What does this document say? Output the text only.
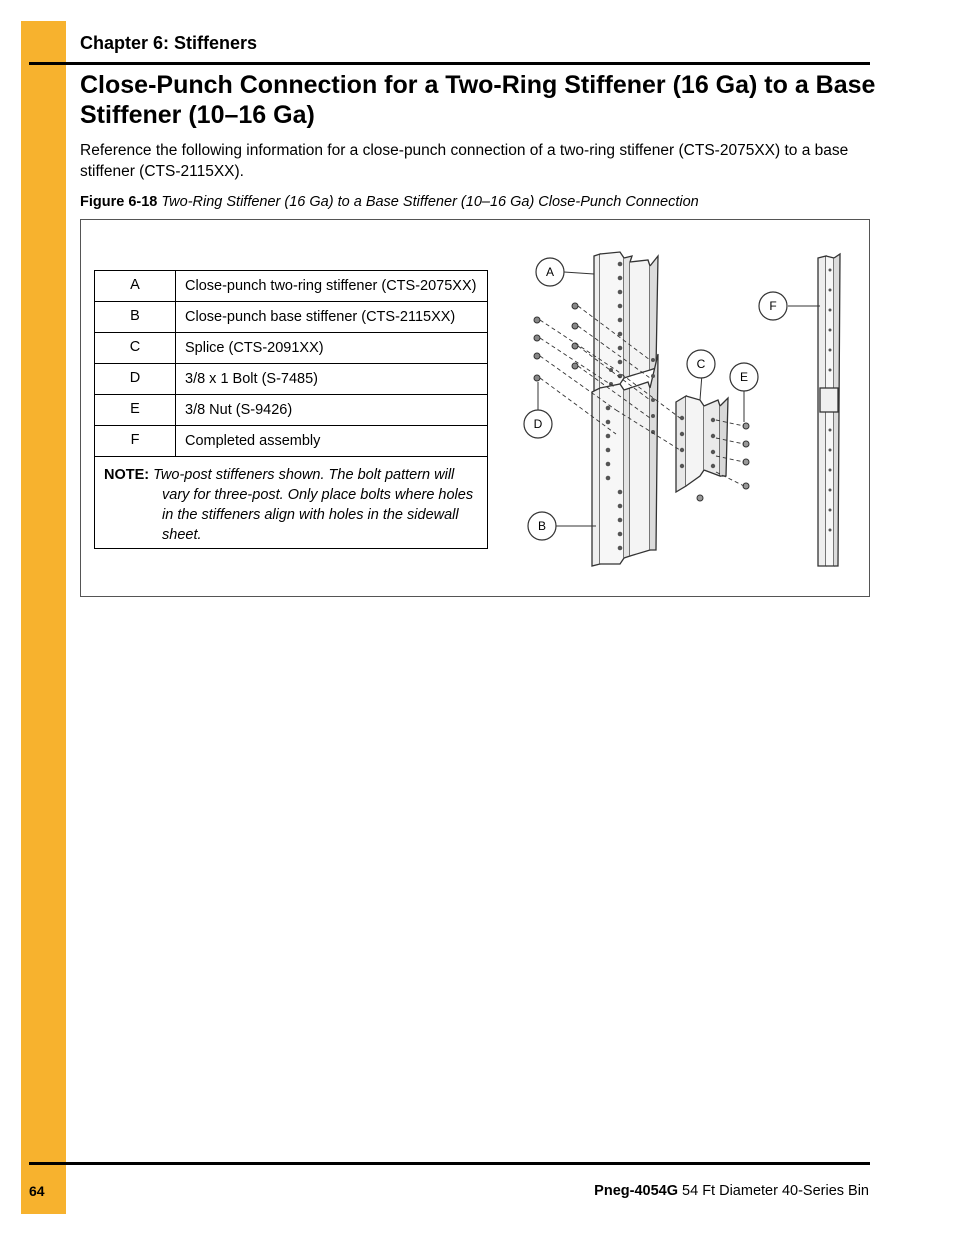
Chapter 6: Stiffeners
Close-Punch Connection for a Two-Ring Stiffener (16 Ga) to a Base Stiffener (10–16 Ga)

Reference the following information for a close-punch connection of a two-ring stiffener (CTS-2075XX) to a base stiffener (CTS-2115XX).

Figure 6-18 Two-Ring Stiffener (16 Ga) to a Base Stiffener (10–16 Ga) Close-Punch Connection
A	Close-punch two-ring stiffener (CTS-2075XX)
B	Close-punch base stiffener (CTS-2115XX)
C	Splice (CTS-2091XX)
D	3/8 x 1 Bolt (S-7485)
E	3/8 Nut (S-9426)
F	Completed assembly

NOTE: Two-post stiffeners shown. The bolt pattern will vary for three-post. Only place bolts where holes in the stiffeners align with holes in the sidewall sheet.	
A
B
C
D
E
F
64	Pneg-4054G 54 Ft Diameter 40-Series Bin
